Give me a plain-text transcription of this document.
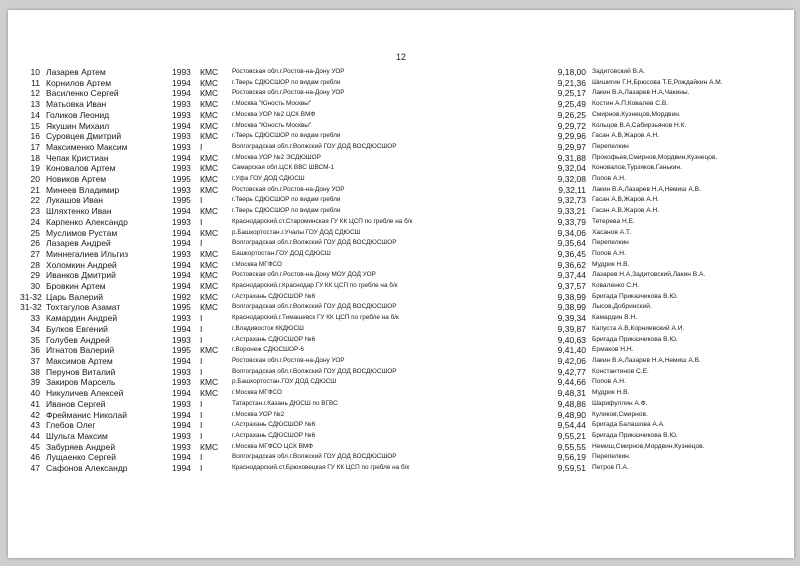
12
10 Лазарев Артем	1993 КМС Ростовская обл.г.Ростов-на-Дону УОР	9,18,00 Задитовский В.А.
11 Корнилов Артем	1994 КМС г.Тверь СДЮСШОР по видам гребли	9,21,36 Шишигин Г.Н,Брюсова Т.Е,Рождайкин А.М.
12 Василенко Сергей	1994 КМС Ростовская обл.г.Ростов-на-Дону УОР	9,25,17 Лакин В.А,Лазарев Н.А,Чакины.
13 Матьовка Иван	1993 КМС г.Москва "Юность Москвы"	9,25,49 Костин А.П,Ковалев С.В.
14 Голиков Леонид	1993 КМС г.Москва УОР №2 ЦСК ВМФ	9,26,25 Смирнов,Кузнецов,Мордвин.
15 Якушин Михаил	1994 КМС г.Москва "Юность Москвы"	9,29,72 Кольцов В.А,Сабирзьянов Н.К.
16 Суровцев Дмитрий	1993 КМС г.Тверь СДЮСШОР по видам гребли	9,29,96 Гасан А.В,Жаров А.Н.
17 Максименко Максим	1993 I	Волгоградская обл.г.Волжский ГОУ ДОД ВОСДЮСШОР	9,29,97 Перепелкин
18 Чепак Кристиан	1994 КМС г.Москва УОР №2 ЭСДЮШОР	9,31,88 Прокофьев,Смирнов,Мордвин,Кузнецов.
19 Коновалов Артем	1993 КМС Самарская обл.ЦСК ВВС ШВСМ-1	9,32,04 Коновалов,Турзяков,Ганькин.
20 Новиков Артем	1995 КМС г.Уфа ГОУ ДОД СДЮСШ	9,32,08 Попов А.Н.
21 Минеев Владимир	1993 КМС Ростовская обл.г.Ростов-на-Дону УОР	9,32,11 Лакин В.А,Лазарев Н.А,Немиш А.В.
22 Лукашов Иван	1995 I	г.Тверь СДЮСШОР по видам гребли	9,32,73 Гасан А.В,Жаров А.Н.
23 Шляхтенко Иван	1994 КМС г.Тверь СДЮСШОР по видам гребли	9,33,21 Гасан А.В,Жаров А.Н.
24 Карпенко Александр	1993 I	Краснодарский.ст.Староминская ГУ КК ЦСП по гребле на б/к	9,33,79 Тетерева Н.Е.
25 Муслимов Рустам	1994 КМС р.Башкортостан.г.Учалы ГОУ ДОД СДЮСШ	9,34,06 Хасанов А.Т.
26 Лазарев Андрей	1994 I	Волгоградская обл.г.Волжский ГОУ ДОД ВОСДЮСШОР	9,35,64 Перепелкин
27 Миннегалиев Ильгиз	1993 КМС Башкортостан.ГОУ ДОД СДЮСШ	9,36,45 Попов А.Н.
28 Холомкин Андрей	1994 КМС г.Москва МГФСО	9,36,62 Мудрик Н.В.
29 Иванков Дмитрий	1994 КМС Ростовская обл.г.Ростов-на-Дону МОУ ДОД УОР	9,37,44 Лазарев Н.А,Задитовский,Лакин В.А.
30 Бровкин Артем	1994 КМС Краснодарский.г.Краснодар ГУ КК ЦСП по гребле на б/к	9,37,57 Коваленко С.Н.
31-32 Царь Валерий	1992 КМС г.Астрахань СДЮСШОР №6	9,38,99 Бригада Приказчикова В.Ю.
31-32 Тохтагулов Азамат	1995 КМС Волгоградская обл.г.Волжский ГОУ ДОД ВОСДЮСШОР	9,38,99 Лысов,Добринский.
33 Камардин Андрей	1993 I	Краснодарский.г.Тимашевск ГУ КК ЦСП по гребле на б/к	9,39,34 Камардин В.Н.
34 Булков Евгений	1994 I	г.Владивосток ККДЮСШ	9,39,87 Капуста А.В,Корниевский А.И.
35 Голубев Андрей	1993 I	г.Астрахань СДЮСШОР №6	9,40,63 Бригада Приказчикова В.Ю.
36 Игнатов Валерий	1995 КМС г.Воронеж СДЮСШОР-6	9,41,40 Ермаков Н.Н.
37 Максимов Артем	1994 I	Ростовская обл.г.Ростов-на-Дону УОР	9,42,06 Лакин В.А,Лазарев Н.А,Немиш А.В.
38 Перунов Виталий	1993 I	Волгоградская обл.г.Волжский ГОУ ДОД ВОСДЮСШОР	9,42,77 Константинов С.Е.
39 Закиров Марсель	1993 КМС р.Башкортостан.ГОУ ДОД СДЮСШ	9,44,66 Попов А.Н.
40 Никуличев Алексей	1994 КМС г.Москва МГФСО	9,48,31 Мудрик Н.В.
41 Иванов Сергей	1993 I	Татарстан.г.Казань ДЮСШ по ВГВС	9,48,86 Шарифуллин А.Ф.
42 Фрейманис Николай	1994 I	г.Москва УОР №2	9,48,90 Куликов,Смирнов.
43 Глебов Олег	1994 I	г.Астрахань СДЮСШОР №6	9,54,44 Бригада Балашова А.А.
44 Шульга Максим	1993 I	г.Астрахань СДЮСШОР №6	9,55,21 Бригада Приказчикова В.Ю.
45 Забуряев Андрей	1993 КМС г.Москва МГФСО ЦСК ВМФ	9,55,55 Немиш,Смирнов,Мордвин,Кузнецов.
46 Лущаенко Сергей	1994 I	Волгоградская обл.г.Волжский ГОУ ДОД ВОСДЮСШОР	9,56,19 Перепелкин.
47 Сафонов Александр	1994 I	Краснодарский.ст.Брюховецкая ГУ КК ЦСП по гребле на б/к	9,59,51 Петров П.А.
